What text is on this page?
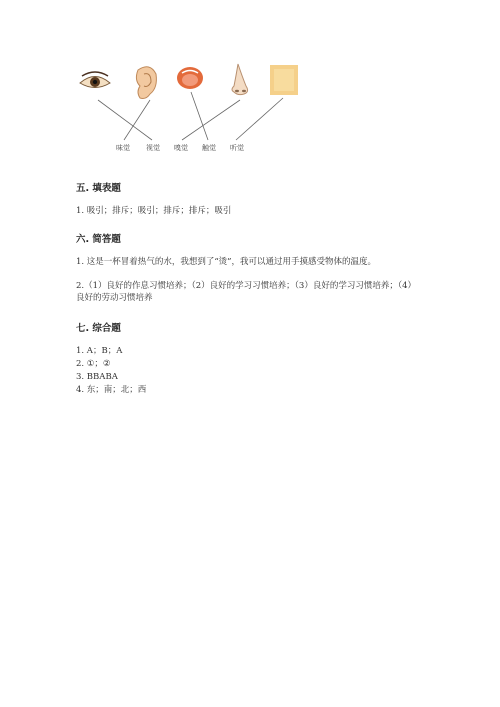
味觉 视觉 嗅觉 触觉 听觉
五. 填表题
1. 吸引；排斥；吸引；排斥；排斥；吸引
六. 简答题
1. 这是一杯冒着热气的水，我想到了“烫”，我可以通过用手摸感受物体的温度。
2.（1）良好的作息习惯培养；（2）良好的学习习惯培养；（3）良好的学习习惯培养；（4）良好的劳动习惯培养
七. 综合题
1. A；B；A
2. ①；②
3. BBABA
4. 东；南；北；西
